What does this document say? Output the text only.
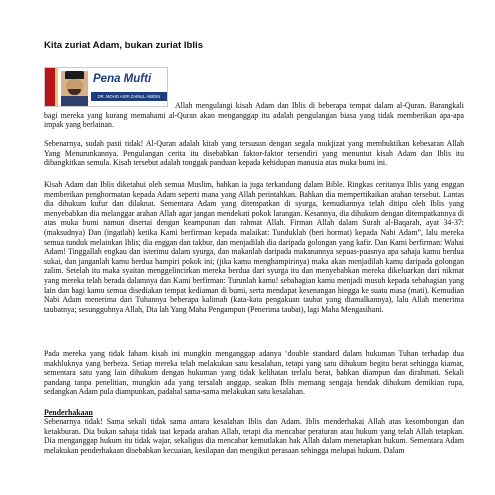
Kita zuriat Adam, bukan zuriat Iblis
Pena Mufti
DR. MOHD ASRI ZAINUL ABIDIN

Allah mengulangi kisah Adam dan Iblis di beberapa tempat dalam al-Quran. Barangkali bagi mereka yang kurang memahami al-Quran akan menganggap itu adalah pengulangan biasa yang tidak memberikan apa-apa impak yang berlainan.

Sebenarnya, sudah pasti tidak! Al-Quran adalah kitab yang tersusun dengan segala mukjizat yang membuktikan kebesaran Allah Yang Menurunkannya. Pengulangan cerita itu disebabkan faktor-faktor tersendiri yang menuntut kisah Adam dan Iblis itu dibangkitkan semula. Kisah tersebut adalah tonggak panduan kepada kehidupan manusia atas muka bumi ini.

Kisah Adam dan Iblis diketahui oleh semua Muslim, bahkan ia juga terkandung dalam Bible. Ringkas ceritanya Iblis yang enggan memberikan penghormatan kepada Adam seperti mana yang Allah perintahkan. Bahkan dia mempertikaikan arahan tersebut. Lantas dia dihukum kufur dan dilaknat. Sementara Adam yang ditempatkan di syurga, kemudiannya telah ditipu oleh Iblis yang menyebabkan dia melanggar arahan Allah agar jangan mendekati pokok larangan. Kesannya, dia dihukum dengan ditempatkannya di atas muka bumi namun disertai dengan keampunan dan rahmat Allah. Firman Allah dalam Surah al-Baqarah, ayat 34-37: (maksudnya) Dan (ingatlah) ketika Kami berfirman kepada malaikat: Tunduklah (beri hormat) kepada Nabi Adam”, lalu mereka semua tunduk melainkan Iblis; dia enggan dan takbur, dan menjadilah dia daripada golongan yang kafir. Dan Kami berfirman: Wahai Adam! Tinggallah engkau dan isterimu dalam syurga, dan makanlah daripada makanannya sepuas-puasnya apa sahaja kamu berdua sukai, dan janganlah kamu berdua hampiri pokok ini; (jika kamu menghampirinya) maka akan menjadilah kamu daripada golongan zalim. Setelah itu maka syaitan menggelincirkan mereka berdua dari syurga itu dan menyebabkan mereka dikeluarkan dari nikmat yang mereka telah berada dalamnya dan Kami berfirman: Turunlah kamu! sebahagian kamu menjadi musuh kepada sebahagian yang lain dan bagi kamu semua disediakan tempat kediaman di bumi, serta mendapat kesenangan hingga ke suatu masa (mati). Kemudian Nabi Adam menerima dari Tuhannya beberapa kalimah (kata-kata pengakuan taubat yang diamalkannya), lalu Allah menerima taubatnya; sesungguhnya Allah, Dia lah Yang Maha Pengampun (Penerima taubat), lagi Maha Mengasihani.

Pada mereka yang tidak faham kisah ini mungkin menganggap adanya ‘double standard dalam hukuman Tuhan terhadap dua makhluknya yang berbeza. Setiap mereka telah melakukan satu kesalahan, tetapi yang satu dihukum begitu berat sehingga kiamat, sementara satu yang lain dihukum dengan hukuman yang tidak kelihatan terlalu berat, bahkan diampun dan dirahmati. Sekali pandang tanpa penelitian, mungkin ada yang tersalah anggap, seakan Iblis memang sengaja hendak dihukum demikian rupa, sedangkan Adam pula diampunkan, padahal sama-sama melakukan satu kesalahan.

Penderhakaan

Sebenarnya tidak! Sama sekali tidak sama antara kesalahan Iblis dan Adam. Iblis menderhakai Allah atas kesombongan dan ketakburan. Dia bukan sahaja tidak taat kepada arahan Allah, tetapi dia mencabar peraturan atau hukum yang telah Allah tetapkan. Dia menganggap hukum itu tidak wajar, sekaligus dia mencabar kemutlakan hak Allah dalam menetapkan hukum. Sementara Adam melakukan penderhakaan disebabkan kecuaian, kesilapan dan mengikut perasaan sehingga melupai hukum. Dalam
